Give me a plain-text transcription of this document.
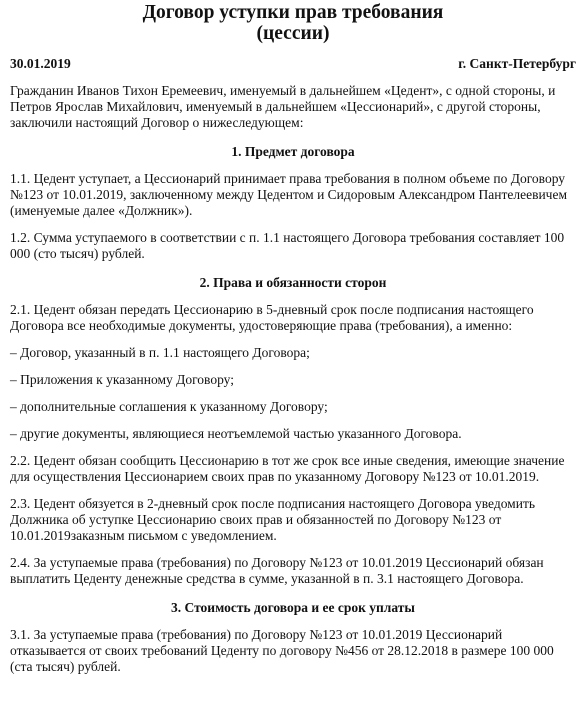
Договор уступки прав требования
(цессии)
30.01.2019	г. Санкт-Петербург

Гражданин Иванов Тихон Еремеевич, именуемый в дальнейшем «Цедент», с одной стороны, и Петров Ярослав Михайлович, именуемый в дальнейшем «Цессионарий», с другой стороны, заключили настоящий Договор о нижеследующем:

1. Предмет договора

1.1. Цедент уступает, а Цессионарий принимает права требования в полном объеме по Договору №123 от 10.01.2019, заключенному между Цедентом и Сидоровым Александром Пантелеевичем (именуемые далее «Должник»).

1.2. Сумма уступаемого в соответствии с п. 1.1 настоящего Договора требования составляет 100 000 (сто тысяч) рублей.

2. Права и обязанности сторон

2.1. Цедент обязан передать Цессионарию в 5-дневный срок после подписания настоящего Договора все необходимые документы, удостоверяющие права (требования), а именно:

– Договор, указанный в п. 1.1 настоящего Договора;

– Приложения к указанному Договору;

– дополнительные соглашения к указанному Договору;

– другие документы, являющиеся неотъемлемой частью указанного Договора.

2.2. Цедент обязан сообщить Цессионарию в тот же срок все иные сведения, имеющие значение для осуществления Цессионарием своих прав по указанному Договору №123 от 10.01.2019.

2.3. Цедент обязуется в 2-дневный срок после подписания настоящего Договора уведомить Должника об уступке Цессионарию своих прав и обязанностей по Договору №123 от 10.01.2019заказным письмом с уведомлением.

2.4. За уступаемые права (требования) по Договору №123 от 10.01.2019 Цессионарий обязан выплатить Цеденту денежные средства в сумме, указанной в п. 3.1 настоящего Договора.

3. Стоимость договора и ее срок уплаты

3.1. За уступаемые права (требования) по Договору №123 от 10.01.2019 Цессионарий отказывается от своих требований Цеденту по договору №456 от 28.12.2018 в размере 100 000 (ста тысяч) рублей.
